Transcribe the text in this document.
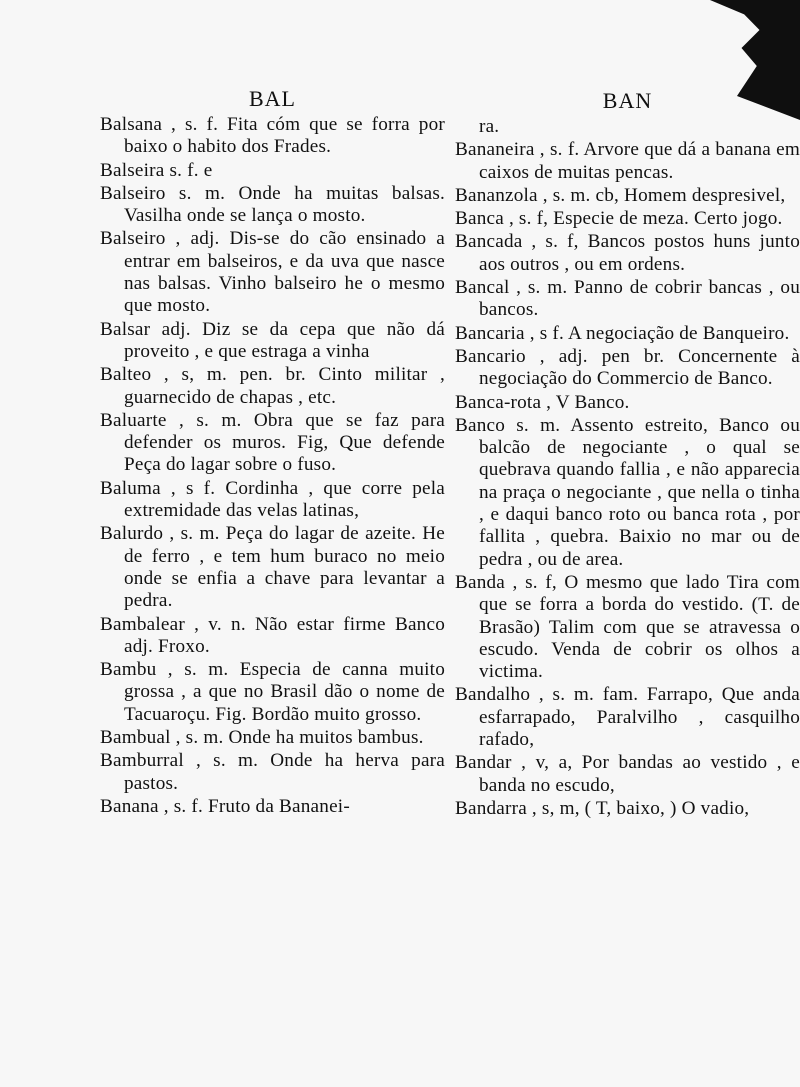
BAL
Balsana , s. f. Fita cóm que se forra por baixo o habito dos Frades.
Balseira s. f. e
Balseiro s. m. Onde ha muitas balsas. Vasilha onde se lança o mosto.
Balseiro , adj. Dis-se do cão ensinado a entrar em balseiros, e da uva que nasce nas balsas. Vinho balseiro he o mesmo que mosto.
Balsar adj. Diz se da cepa que não dá proveito , e que estraga a vinha
Balteo , s, m. pen. br. Cinto militar , guarnecido de chapas , etc.
Baluarte , s. m. Obra que se faz para defender os muros. Fig, Que defende Peça do lagar sobre o fuso.
Baluma , s f. Cordinha , que corre pela extremidade das velas latinas,
Balurdo , s. m. Peça do lagar de azeite. He de ferro , e tem hum buraco no meio onde se enfia a chave para levantar a pedra.
Bambalear , v. n. Não estar firme Banco adj. Froxo.
Bambu , s. m. Especia de canna muito grossa , a que no Brasil dão o nome de Tacuaroçu. Fig. Bordão muito grosso.
Bambual , s. m. Onde ha muitos bambus.
Bamburral , s. m. Onde ha herva para pastos.
Banana , s. f. Fruto da Bananei-
BAN
ra.
Bananeira , s. f. Arvore que dá a banana em caixos de muitas pencas.
Bananzola , s. m. cb, Homem despresivel,
Banca , s. f, Especie de meza. Certo jogo.
Bancada , s. f, Bancos postos huns junto aos outros , ou em ordens.
Bancal , s. m. Panno de cobrir bancas , ou bancos.
Bancaria , s f. A negociação de Banqueiro.
Bancario , adj. pen br. Concernente à negociação do Commercio de Banco.
Banca-rota , V Banco.
Banco s. m. Assento estreito, Banco ou balcão de negociante , o qual se quebrava quando fallia , e não apparecia na praça o negociante , que nella o tinha , e daqui banco roto ou banca rota , por fallita , quebra. Baixio no mar ou de pedra , ou de area.
Banda , s. f, O mesmo que lado Tira com que se forra a borda do vestido. (T. de Brasão) Talim com que se atravessa o escudo. Venda de cobrir os olhos a victima.
Bandalho , s. m. fam. Farrapo, Que anda esfarrapado, Paralvilho , casquilho rafado,
Bandar , v, a, Por bandas ao vestido , e banda no escudo,
Bandarra , s, m, ( T, baixo, ) O vadio,
